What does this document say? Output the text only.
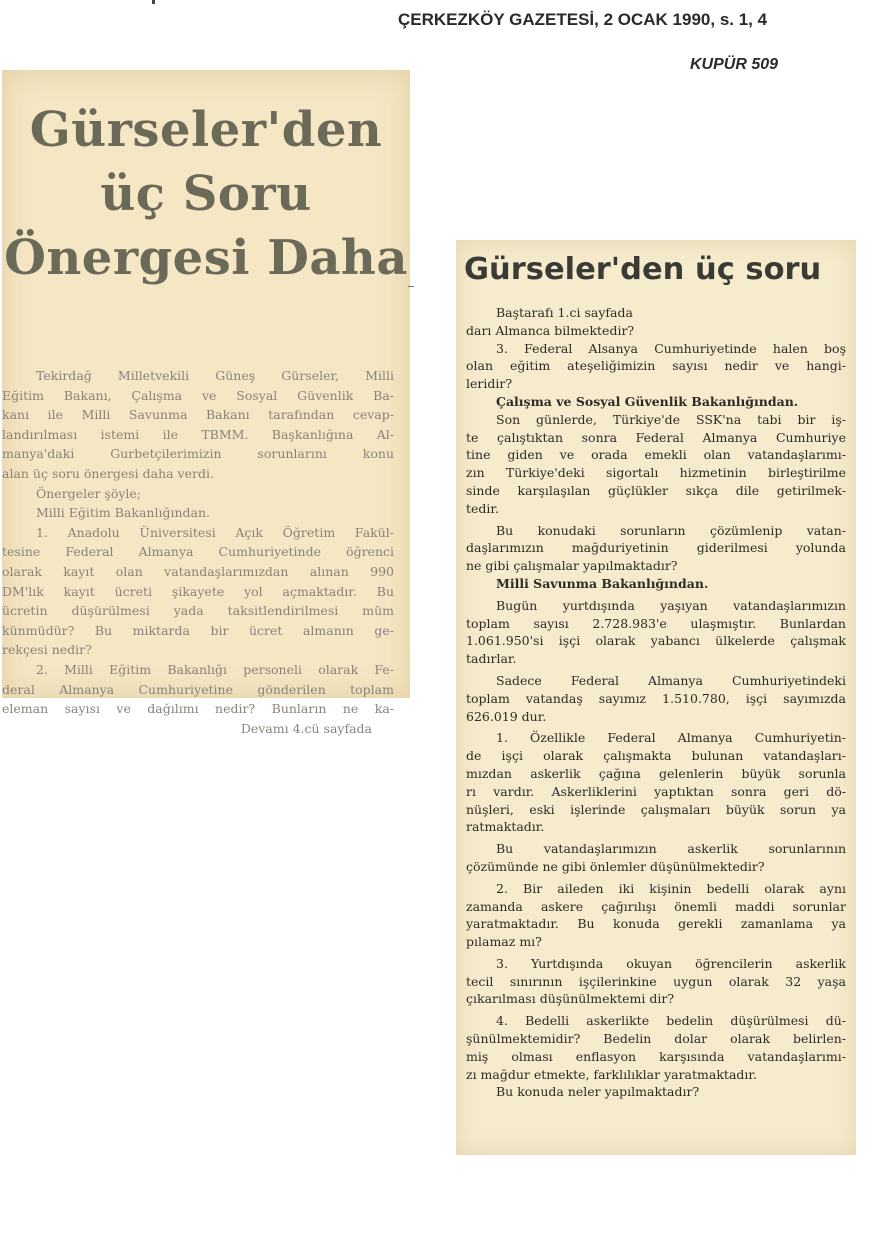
ÇERKEZKÖY GAZETESİ, 2 OCAK 1990, s. 1, 4
KUPÜR 509
Gürseler'den
üç Soru
Önergesi Daha
Tekirdağ Milletvekili Güneş Gürseler, Milli
Eğitim Bakanı, Çalışma ve Sosyal Güvenlik Ba-
kanı ile Milli Savunma Bakanı tarafından cevap-
landırılması istemi ile TBMM. Başkanlığına Al-
manya'daki Gurbetçilerimizin sorunlarını konu
alan üç soru önergesi daha verdi.
Önergeler şöyle;
Milli Eğitim Bakanlığından.
1. Anadolu Üniversitesi Açık Öğretim Fakül-
tesine Federal Almanya Cumhuriyetinde öğrenci
olarak kayıt olan vatandaşlarımızdan alınan 990
DM'lık kayıt ücreti şikayete yol açmaktadır. Bu
ücretin düşürülmesi yada taksitlendirilmesi müm
künmüdür? Bu miktarda bir ücret almanın ge-
rekçesi nedir?
2. Milli Eğitim Bakanlığı personeli olarak Fe-
deral Almanya Cumhuriyetine gönderilen toplam
eleman sayısı ve dağılımı nedir? Bunların ne ka-
Devamı 4.cü sayfada
Gürseler'den üç soru
Baştarafı 1.ci sayfada
darı Almanca bilmektedir?
3. Federal Alsanya Cumhuriyetinde halen boş
olan eğitim ateşeliğimizin sayısı nedir ve hangi-
leridir?
Çalışma ve Sosyal Güvenlik Bakanlığından.
Son günlerde, Türkiye'de SSK'na tabi bir iş-
te çalıştıktan sonra Federal Almanya Cumhuriye
tine giden ve orada emekli olan vatandaşlarımı-
zın Türkiye'deki sigortalı hizmetinin birleştirilme
sinde karşılaşılan güçlükler sıkça dile getirilmek-
tedir.
Bu konudaki sorunların çözümlenip vatan-
daşlarımızın mağduriyetinin giderilmesi yolunda
ne gibi çalışmalar yapılmaktadır?
Milli Savunma Bakanlığından.
Bugün yurtdışında yaşıyan vatandaşlarımızın
toplam sayısı 2.728.983'e ulaşmıştır. Bunlardan
1.061.950'si işçi olarak yabancı ülkelerde çalışmak
tadırlar.
Sadece Federal Almanya Cumhuriyetindeki
toplam vatandaş sayımız 1.510.780, işçi sayımızda
626.019 dur.
1. Özellikle Federal Almanya Cumhuriyetin-
de işçi olarak çalışmakta bulunan vatandaşları-
mızdan askerlik çağına gelenlerin büyük sorunla
rı vardır. Askerliklerini yaptıktan sonra geri dö-
nüşleri, eski işlerinde çalışmaları büyük sorun ya
ratmaktadır.
Bu vatandaşlarımızın askerlik sorunlarının
çözümünde ne gibi önlemler düşünülmektedir?
2. Bir aileden iki kişinin bedelli olarak aynı
zamanda askere çağırılışı önemli maddi sorunlar
yaratmaktadır. Bu konuda gerekli zamanlama ya
pılamaz mı?
3. Yurtdışında okuyan öğrencilerin askerlik
tecil sınırının işçilerinkine uygun olarak 32 yaşa
çıkarılması düşünülmektemi dir?
4. Bedelli askerlikte bedelin düşürülmesi dü-
şünülmektemidir? Bedelin dolar olarak belirlen-
miş olması enflasyon karşısında vatandaşlarımı-
zı mağdur etmekte, farklılıklar yaratmaktadır.
Bu konuda neler yapılmaktadır?
